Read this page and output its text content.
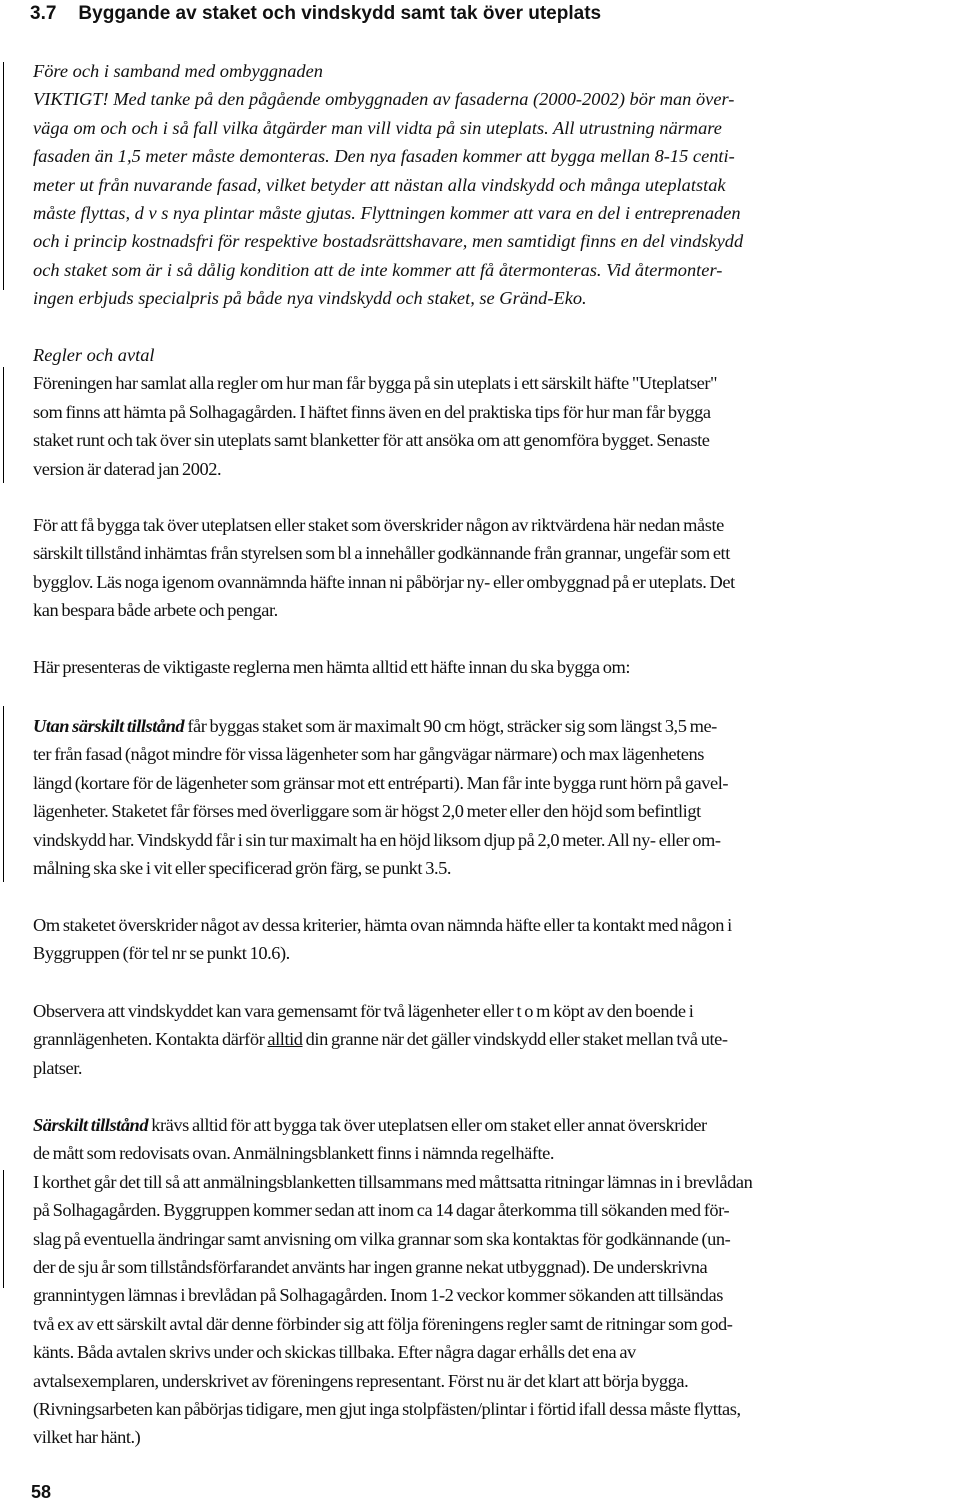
3.7 Byggande av staket och vindskydd samt tak över uteplats
Före och i samband med ombyggnaden
VIKTIGT! Med tanke på den pågående ombyggnaden av fasaderna (2000-2002) bör man över-
väga om och och i så fall vilka åtgärder man vill vidta på sin uteplats. All utrustning närmare
fasaden än 1,5 meter måste demonteras. Den nya fasaden kommer att bygga mellan 8-15 centi-
meter ut från nuvarande fasad, vilket betyder att nästan alla vindskydd och många uteplatstak
måste flyttas, d v s nya plintar måste gjutas. Flyttningen kommer att vara en del i entreprenaden
och i princip kostnadsfri för respektive bostadsrättshavare, men samtidigt finns en del vindskydd
och staket som är i så dålig kondition att de inte kommer att få återmonteras. Vid återmonter-
ingen erbjuds specialpris på både nya vindskydd och staket, se Gränd-Eko.
Regler och avtal
Föreningen har samlat alla regler om hur man får bygga på sin uteplats i ett särskilt häfte "Uteplatser"
som finns att hämta på Solhagagården. I häftet finns även en del praktiska tips för hur man får bygga
staket runt och tak över sin uteplats samt blanketter för att ansöka om att genomföra bygget. Senaste
version är daterad jan 2002.
För att få bygga tak över uteplatsen eller staket som överskrider någon av riktvärdena här nedan måste
särskilt tillstånd inhämtas från styrelsen som bl a innehåller godkännande från grannar, ungefär som ett
bygglov. Läs noga igenom ovannämnda häfte innan ni påbörjar ny- eller ombyggnad på er uteplats. Det
kan bespara både arbete och pengar.
Här presenteras de viktigaste reglerna men hämta alltid ett häfte innan du ska bygga om:
Utan särskilt tillstånd får byggas staket som är maximalt 90 cm högt, sträcker sig som längst 3,5 me-
ter från fasad (något mindre för vissa lägenheter som har gångvägar närmare) och max lägenhetens
längd (kortare för de lägenheter som gränsar mot ett entréparti). Man får inte bygga runt hörn på gavel-
lägenheter. Staketet får förses med överliggare som är högst 2,0 meter eller den höjd som befintligt
vindskydd har. Vindskydd får i sin tur maximalt ha en höjd liksom djup på 2,0 meter. All ny- eller om-
målning ska ske i vit eller specificerad grön färg, se punkt 3.5.
Om staketet överskrider något av dessa kriterier, hämta ovan nämnda häfte eller ta kontakt med någon i
Byggruppen (för tel nr se punkt 10.6).
Observera att vindskyddet kan vara gemensamt för två lägenheter eller t o m köpt av den boende i
grannlägenheten. Kontakta därför alltid din granne när det gäller vindskydd eller staket mellan två ute-
platser.
Särskilt tillstånd krävs alltid för att bygga tak över uteplatsen eller om staket eller annat överskrider
de mått som redovisats ovan. Anmälningsblankett finns i nämnda regelhäfte.
I korthet går det till så att anmälningsblanketten tillsammans med måttsatta ritningar lämnas in i brevlådan
på Solhagagården. Byggruppen kommer sedan att inom ca 14 dagar återkomma till sökanden med för-
slag på eventuella ändringar samt anvisning om vilka grannar som ska kontaktas för godkännande (un-
der de sju år som tillståndsförfarandet använts har ingen granne nekat utbyggnad). De underskrivna
grannintygen lämnas i brevlådan på Solhagagården. Inom 1-2 veckor kommer sökanden att tillsändas
två ex av ett särskilt avtal där denne förbinder sig att följa föreningens regler samt de ritningar som god-
känts. Båda avtalen skrivs under och skickas tillbaka. Efter några dagar erhålls det ena av
avtalsexemplaren, underskrivet av föreningens representant. Först nu är det klart att börja bygga.
(Rivningsarbeten kan påbörjas tidigare, men gjut inga stolpfästen/plintar i förtid ifall dessa måste flyttas,
vilket har hänt.)
58
